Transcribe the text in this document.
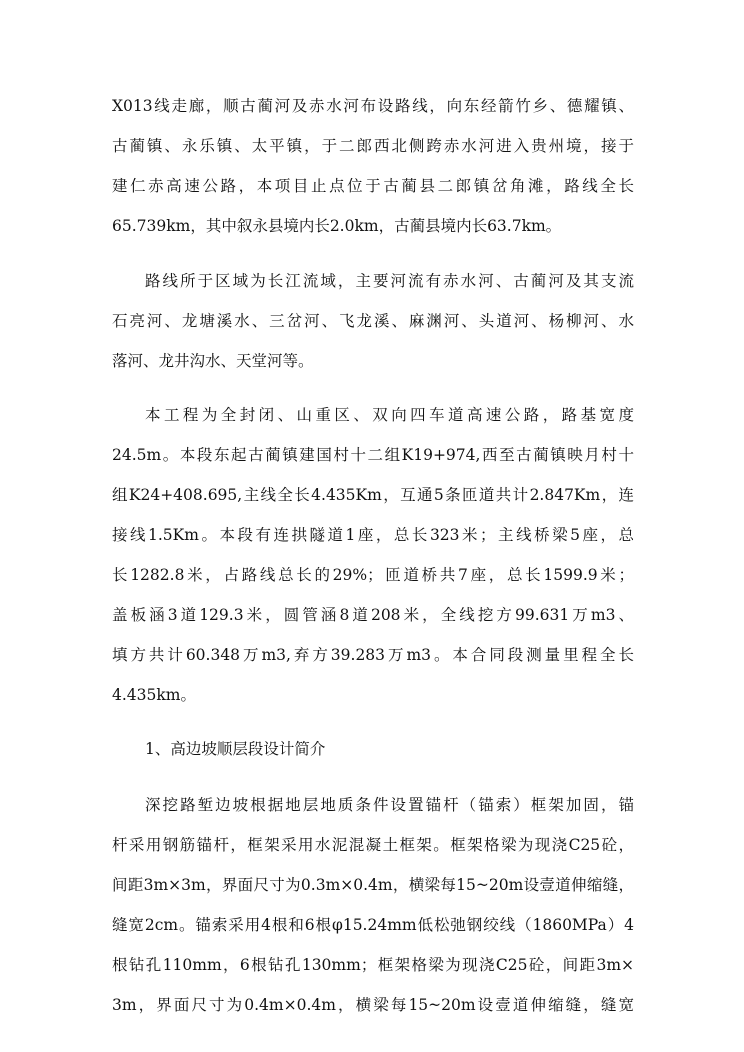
X013线走廊，顺古蔺河及赤水河布设路线，向东经箭竹乡、德耀镇、
古蔺镇、永乐镇、太平镇，于二郎西北侧跨赤水河进入贵州境，接于
建仁赤高速公路，本项目止点位于古蔺县二郎镇岔角滩，路线全长
65.739km，其中叙永县境内长2.0km，古蔺县境内长63.7km。
路线所于区域为长江流域，主要河流有赤水河、古蔺河及其支流
石亮河、龙塘溪水、三岔河、飞龙溪、麻渊河、头道河、杨柳河、水
落河、龙井沟水、天堂河等。
本工程为全封闭、山重区、双向四车道高速公路，路基宽度
24.5m。本段东起古蔺镇建国村十二组K19+974,西至古蔺镇映月村十
组K24+408.695,主线全长4.435Km，互通5条匝道共计2.847Km，连
接线1.5Km。本段有连拱隧道1座，总长323米；主线桥梁5座，总
长1282.8米，占路线总长的29%；匝道桥共7座，总长1599.9米；
盖板涵3道129.3米，圆管涵8道208米，全线挖方99.631万m3、
填方共计60.348万m3,弃方39.283万m3。本合同段测量里程全长
4.435km。
1、高边坡顺层段设计简介
深挖路堑边坡根据地层地质条件设置锚杆（锚索）框架加固，锚
杆采用钢筋锚杆，框架采用水泥混凝土框架。框架格梁为现浇C25砼，
间距3m×3m，界面尺寸为0.3m×0.4m，横梁每15~20m设壹道伸缩缝，
缝宽2cm。锚索采用4根和6根φ15.24mm低松弛钢绞线（1860MPa）4
根钻孔110mm，6根钻孔130mm；框架格梁为现浇C25砼，间距3m×
3m，界面尺寸为0.4m×0.4m，横梁每15~20m设壹道伸缩缝，缝宽
